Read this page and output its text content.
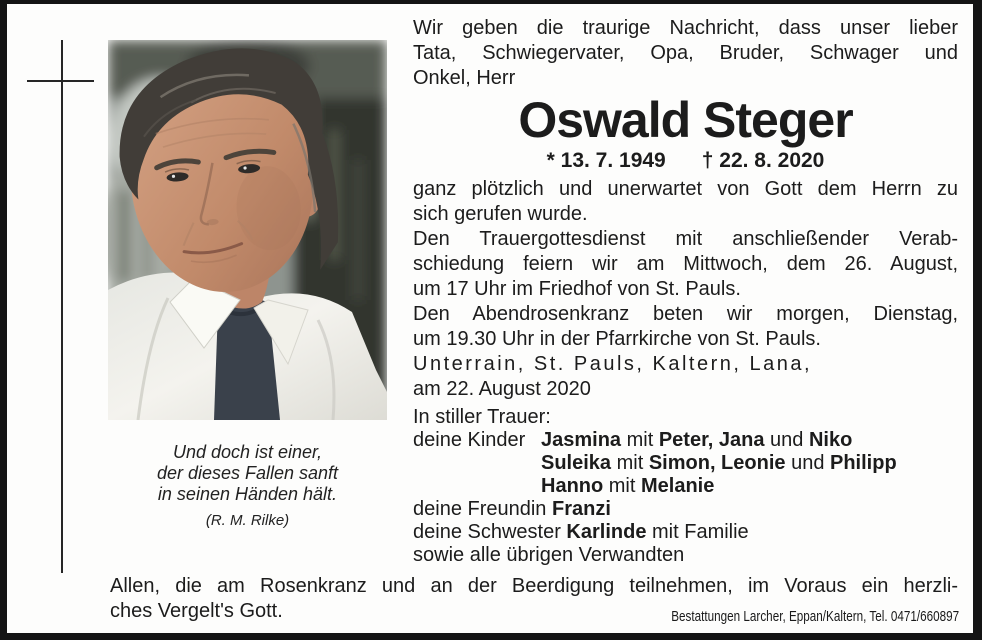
Und doch ist einer,
der dieses Fallen sanft
in seinen Händen hält.
(R. M. Rilke)
Wir geben die traurige Nachricht, dass unser lieber
Tata, Schwiegervater, Opa, Bruder, Schwager und
Onkel, Herr
Oswald Steger
* 13. 7. 1949 † 22. 8. 2020
ganz plötzlich und unerwartet von Gott dem Herrn zu
sich gerufen wurde.
Den Trauergottesdienst mit anschließender Verab-
schiedung feiern wir am Mittwoch, dem 26. August,
um 17 Uhr im Friedhof von St. Pauls.
Den Abendrosenkranz beten wir morgen, Dienstag,
um 19.30 Uhr in der Pfarrkirche von St. Pauls.
Unterrain, St. Pauls, Kaltern, Lana,
am 22. August 2020
In stiller Trauer:
deine Kinder Jasmina mit Peter, Jana und Niko
Suleika mit Simon, Leonie und Philipp
Hanno mit Melanie
deine Freundin Franzi
deine Schwester Karlinde mit Familie
sowie alle übrigen Verwandten
Allen, die am Rosenkranz und an der Beerdigung teilnehmen, im Voraus ein herzli-
ches Vergelt's Gott.	Bestattungen Larcher, Eppan/Kaltern, Tel. 0471/660897
